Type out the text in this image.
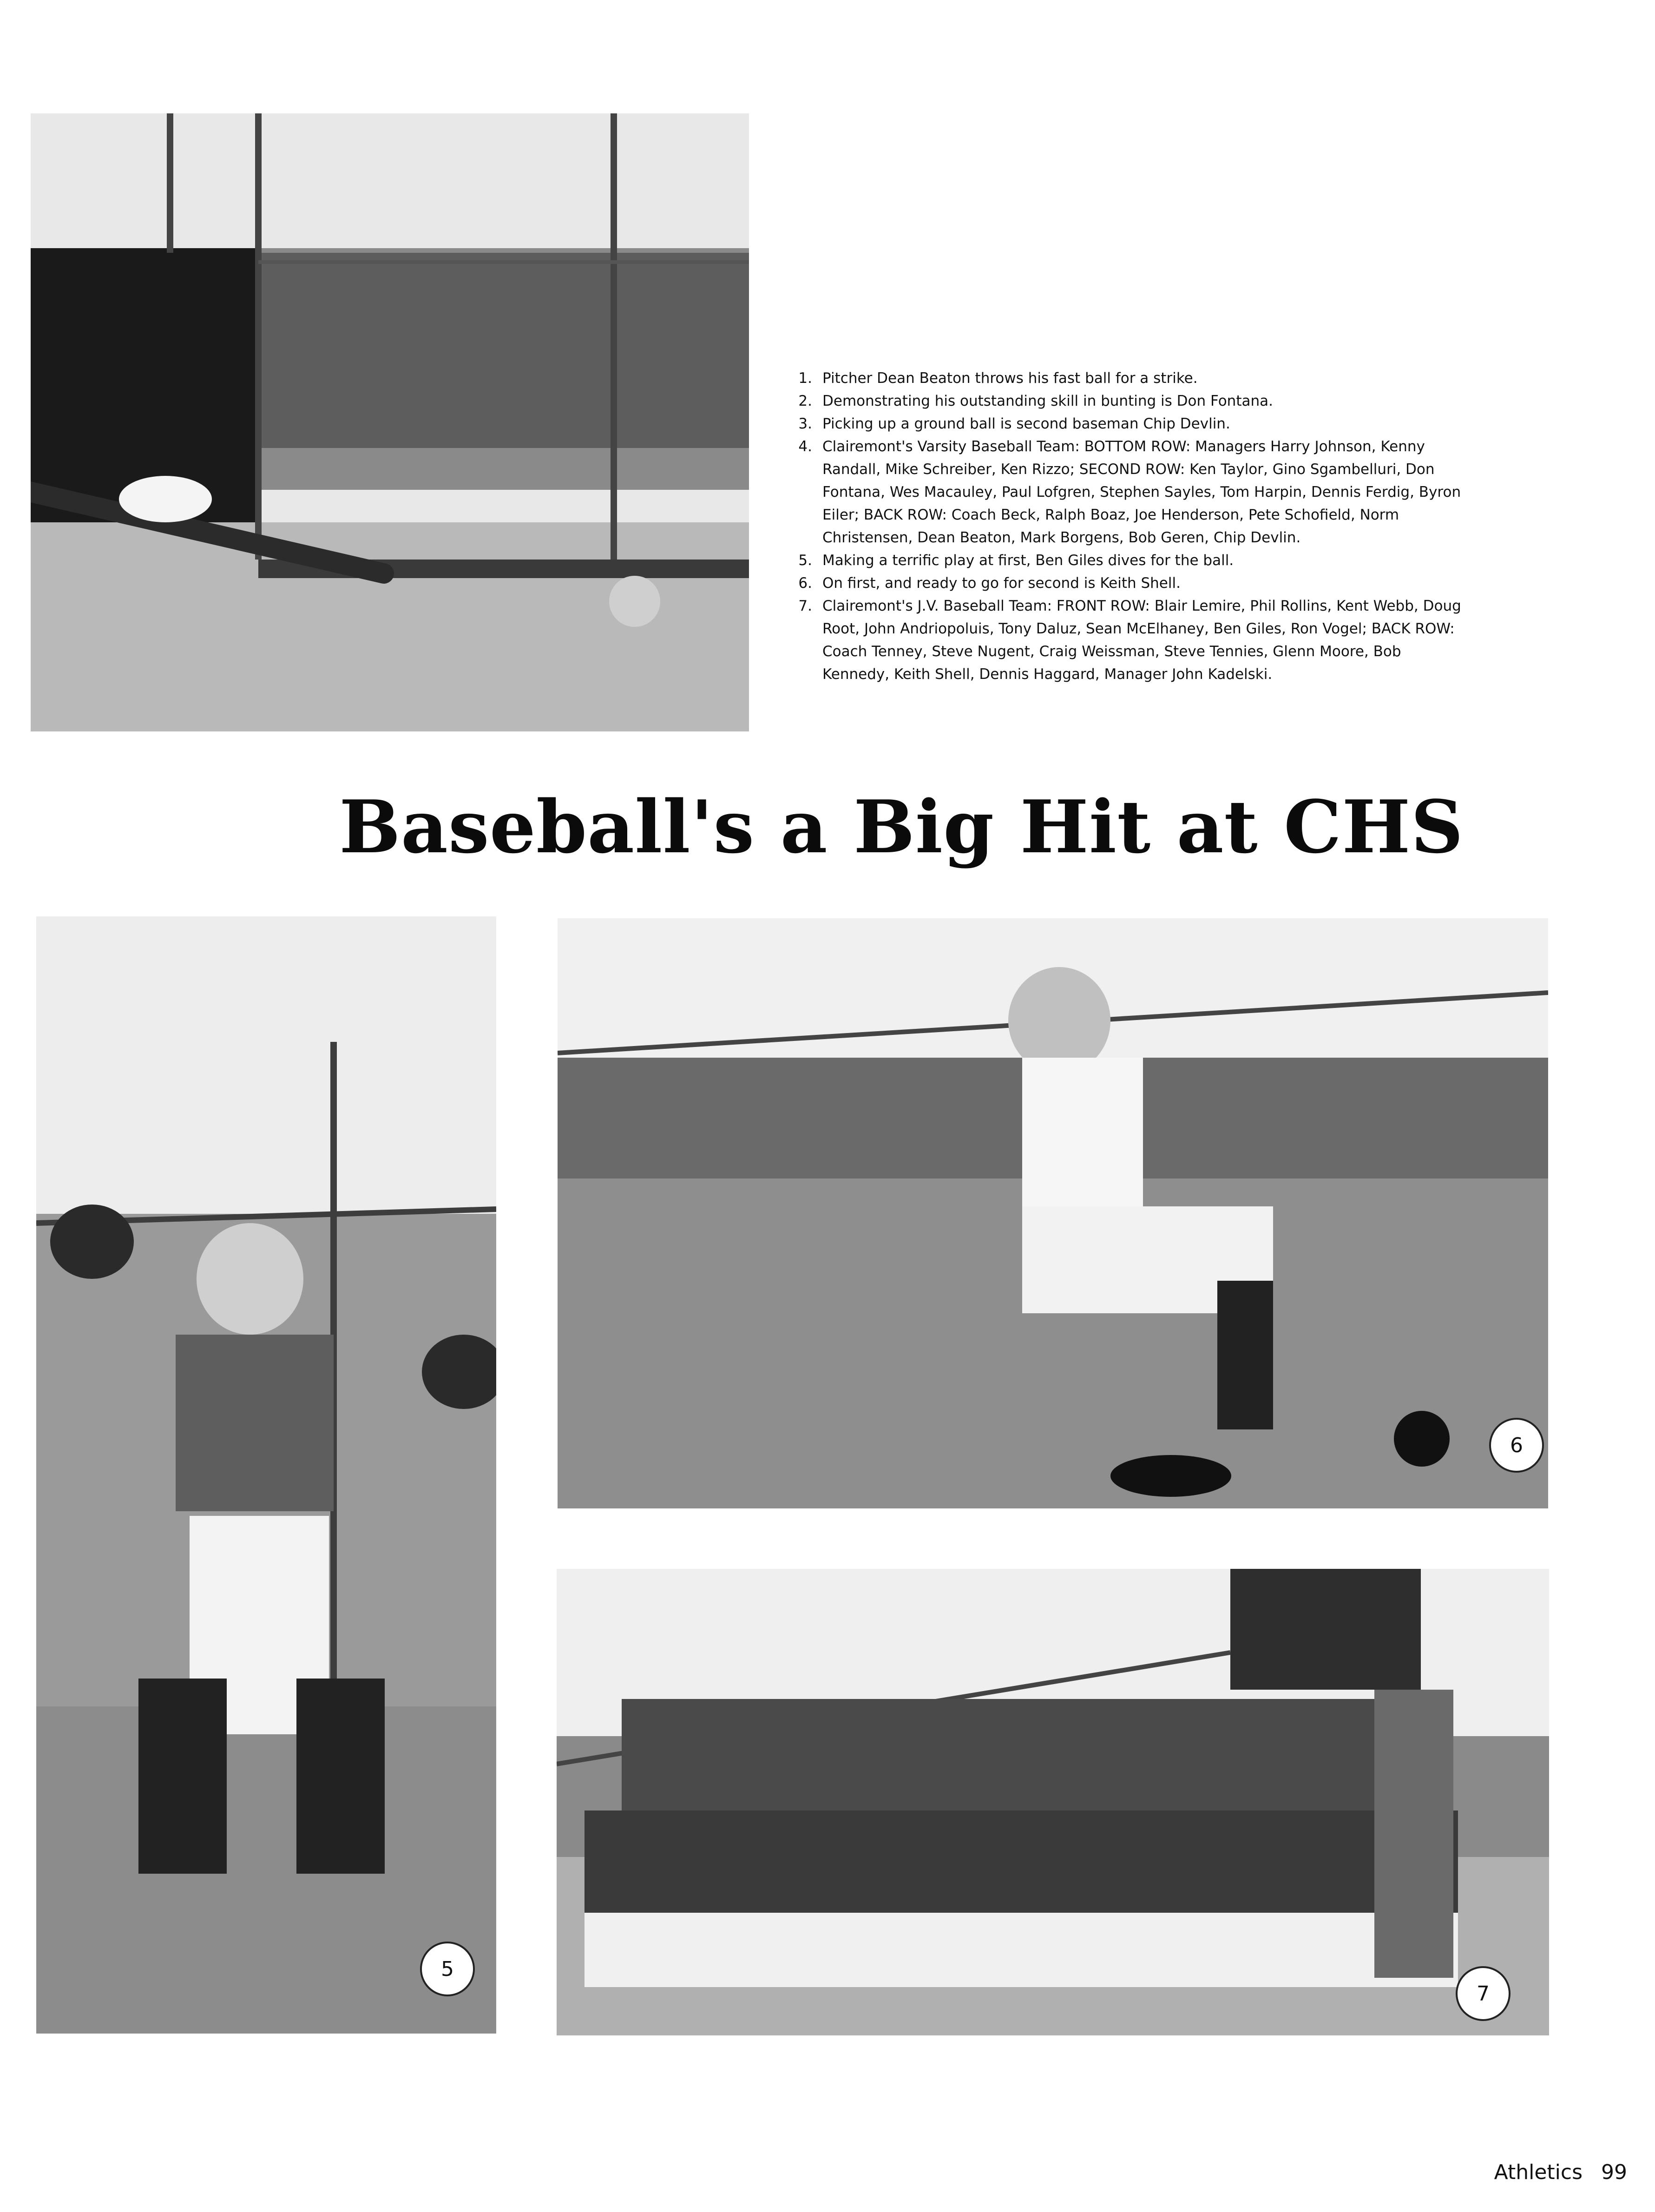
1. Pitcher Dean Beaton throws his fast ball for a strike.
2. Demonstrating his outstanding skill in bunting is Don Fontana.
3. Picking up a ground ball is second baseman Chip Devlin.
4. Clairemont's Varsity Baseball Team: BOTTOM ROW: Managers Harry Johnson, Kenny Randall, Mike Schreiber, Ken Rizzo; SECOND ROW: Ken Taylor, Gino Sgambelluri, Don Fontana, Wes Macauley, Paul Lofgren, Stephen Sayles, Tom Harpin, Dennis Ferdig, Byron Eiler; BACK ROW: Coach Beck, Ralph Boaz, Joe Henderson, Pete Schofield, Norm Christensen, Dean Beaton, Mark Borgens, Bob Geren, Chip Devlin.
5. Making a terrific play at first, Ben Giles dives for the ball.
6. On first, and ready to go for second is Keith Shell.
7. Clairemont's J.V. Baseball Team: FRONT ROW: Blair Lemire, Phil Rollins, Kent Webb, Doug Root, John Andriopoluis, Tony Daluz, Sean McElhaney, Ben Giles, Ron Vogel; BACK ROW: Coach Tenney, Steve Nugent, Craig Weissman, Steve Tennies, Glenn Moore, Bob Kennedy, Keith Shell, Dennis Haggard, Manager John Kadelski.
Baseball's a Big Hit at CHS
5
6
7
Athletics 99
